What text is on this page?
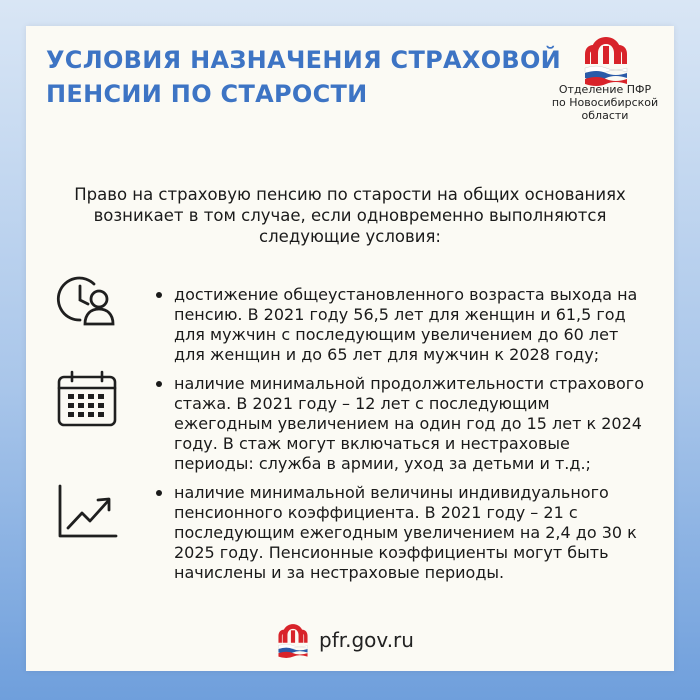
УСЛОВИЯ НАЗНАЧЕНИЯ СТРАХОВОЙ
ПЕНСИИ ПО СТАРОСТИ	Отделение ПФР
по Новосибирской
области

Право на страховую пенсию по старости на общих основаниях возникает в том случае, если одновременно выполняются следующие условия:

достижение общеустановленного возраста выхода на пенсию. В 2021 году 56,5 лет для женщин и 61,5 год для мужчин с последующим увеличением до 60 лет для женщин и до 65 лет для мужчин к 2028 году;
наличие минимальной продолжительности страхового стажа. В 2021 году – 12 лет с последующим ежегодным увеличением на один год до 15 лет к 2024 году. В стаж могут включаться и нестраховые периоды: служба в армии, уход за детьми и т.д.;
наличие минимальной величины индивидуального пенсионного коэффициента. В 2021 году – 21 с последующим ежегодным увеличением на 2,4 до 30 к 2025 году. Пенсионные коэффициенты могут быть начислены и за нестраховые периоды.
pfr.gov.ru
